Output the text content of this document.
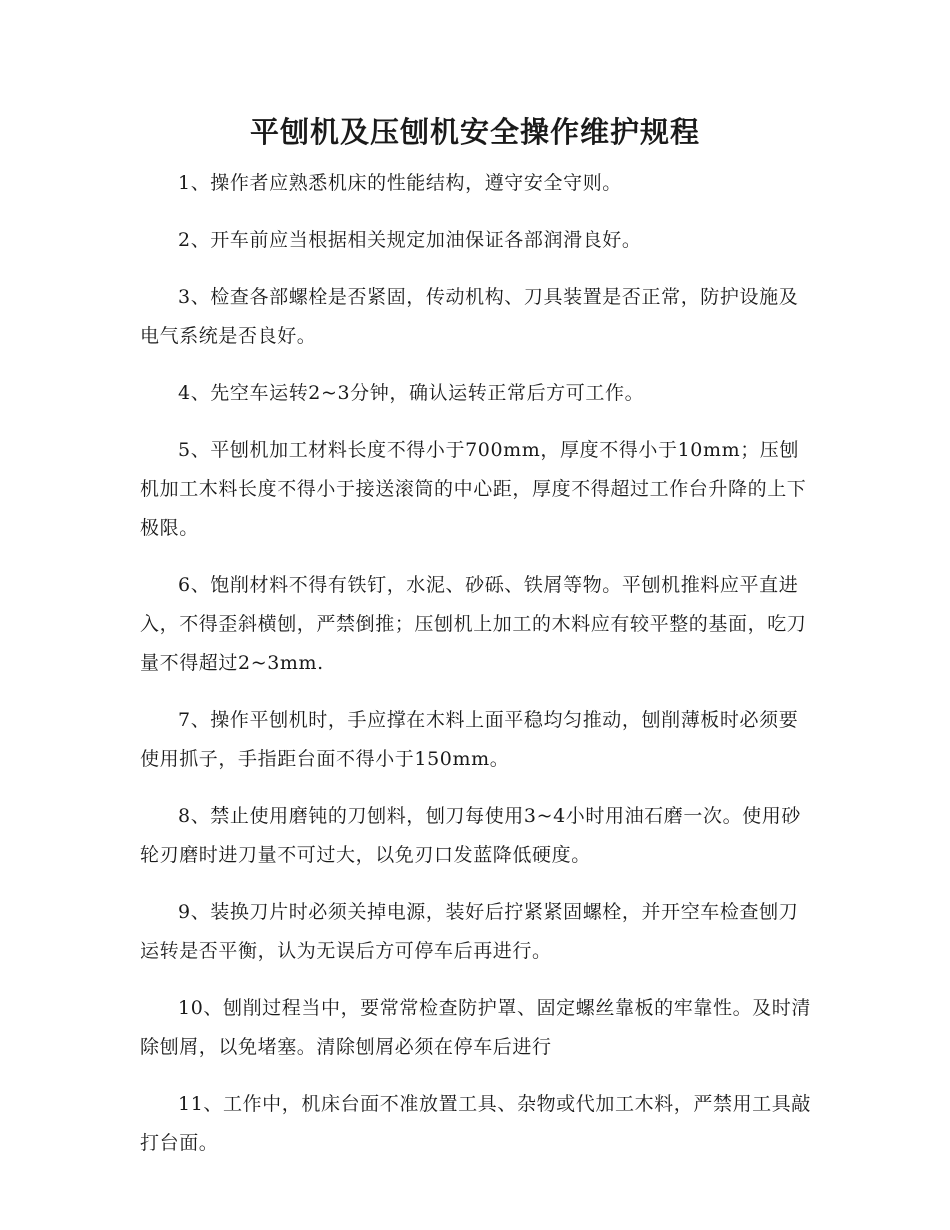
平刨机及压刨机安全操作维护规程

1、操作者应熟悉机床的性能结构，遵守安全守则。

2、开车前应当根据相关规定加油保证各部润滑良好。

3、检查各部螺栓是否紧固，传动机构、刀具装置是否正常，防护设施及电气系统是否良好。

4、先空车运转2~3分钟，确认运转正常后方可工作。

5、平刨机加工材料长度不得小于700mm，厚度不得小于10mm；压刨机加工木料长度不得小于接送滚筒的中心距，厚度不得超过工作台升降的上下极限。

6、饱削材料不得有铁钉，水泥、砂砾、铁屑等物。平刨机推料应平直进入，不得歪斜横刨，严禁倒推；压刨机上加工的木料应有较平整的基面，吃刀量不得超过2~3mm.

7、操作平刨机时，手应撑在木料上面平稳均匀推动，刨削薄板时必须要使用抓子，手指距台面不得小于150mm。

8、禁止使用磨钝的刀刨料，刨刀每使用3~4小时用油石磨一次。使用砂轮刃磨时进刀量不可过大，以免刃口发蓝降低硬度。

9、装换刀片时必须关掉电源，装好后拧紧紧固螺栓，并开空车检查刨刀运转是否平衡，认为无误后方可停车后再进行。

10、刨削过程当中，要常常检查防护罩、固定螺丝靠板的牢靠性。及时清除刨屑，以免堵塞。清除刨屑必须在停车后进行

11、工作中，机床台面不准放置工具、杂物或代加工木料，严禁用工具敲打台面。
